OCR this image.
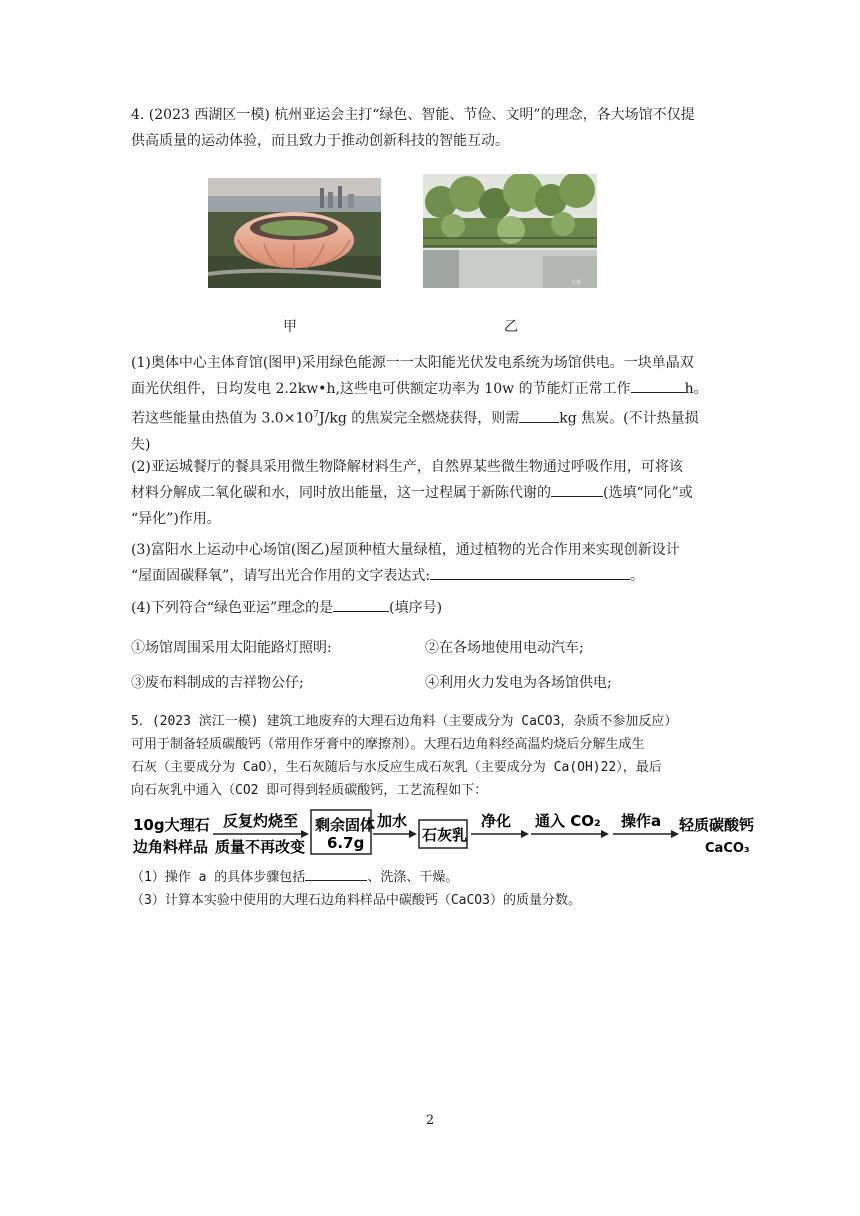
4. (2023 西湖区一模) 杭州亚运会主打“绿色、智能、节俭、文明”的理念，各大场馆不仅提
供高质量的运动体验，而且致力于推动创新科技的智能互动。

甲
头条
乙

(1)奥体中心主体育馆(图甲)采用绿色能源一一太阳能光伏发电系统为场馆供电。一块单晶双
面光伏组件，日均发电 2.2kw•h,这些电可供额定功率为 10w 的节能灯正常工作	h。
若这些能量由热值为 $3.0\times 10^7J/kg$ 的焦炭完全燃烧获得，则需	kg 焦炭。(不计热量损
失)

(2)亚运城餐厅的餐具采用微生物降解材料生产，自然界某些微生物通过呼吸作用，可将该
材料分解成二氧化碳和水，同时放出能量，这一过程属于新陈代谢的	(选填“同化”或
“异化”)作用。

(3)富阳水上运动中心场馆(图乙)屋顶种植大量绿植，通过植物的光合作用来实现创新设计
“屋面固碳释氧”，请写出光合作用的文字表达式:	。

(4)下列符合“绿色亚运”理念的是	(填序号)

①场馆周围采用太阳能路灯照明:	②在各场地使用电动汽车;
③废布料制成的吉祥物公仔;	④利用火力发电为各场馆供电;

5．(2023 滨江一模) 建筑工地废弃的大理石边角料（主要成分为 CaCO3，杂质不参加反应）
可用于制备轻质碳酸钙（常用作牙膏中的摩擦剂）。大理石边角料经高温灼烧后分解生成生
石灰（主要成分为 CaO），生石灰随后与水反应生成石灰乳（主要成分为 Ca(OH)22），最后
向石灰乳中通入（CO2 即可得到轻质碳酸钙，工艺流程如下：

10g大理石
边角料样品
反复灼烧至
质量不再改变
剩余固体
6.7g
加水
石灰乳
净化 通入 CO₂ 操作a 轻质碳酸钙
CaCO₃

（1）操作 a 的具体步骤包括	、洗涤、干燥。
（3）计算本实验中使用的大理石边角料样品中碳酸钙（CaCO3）的质量分数。

2
